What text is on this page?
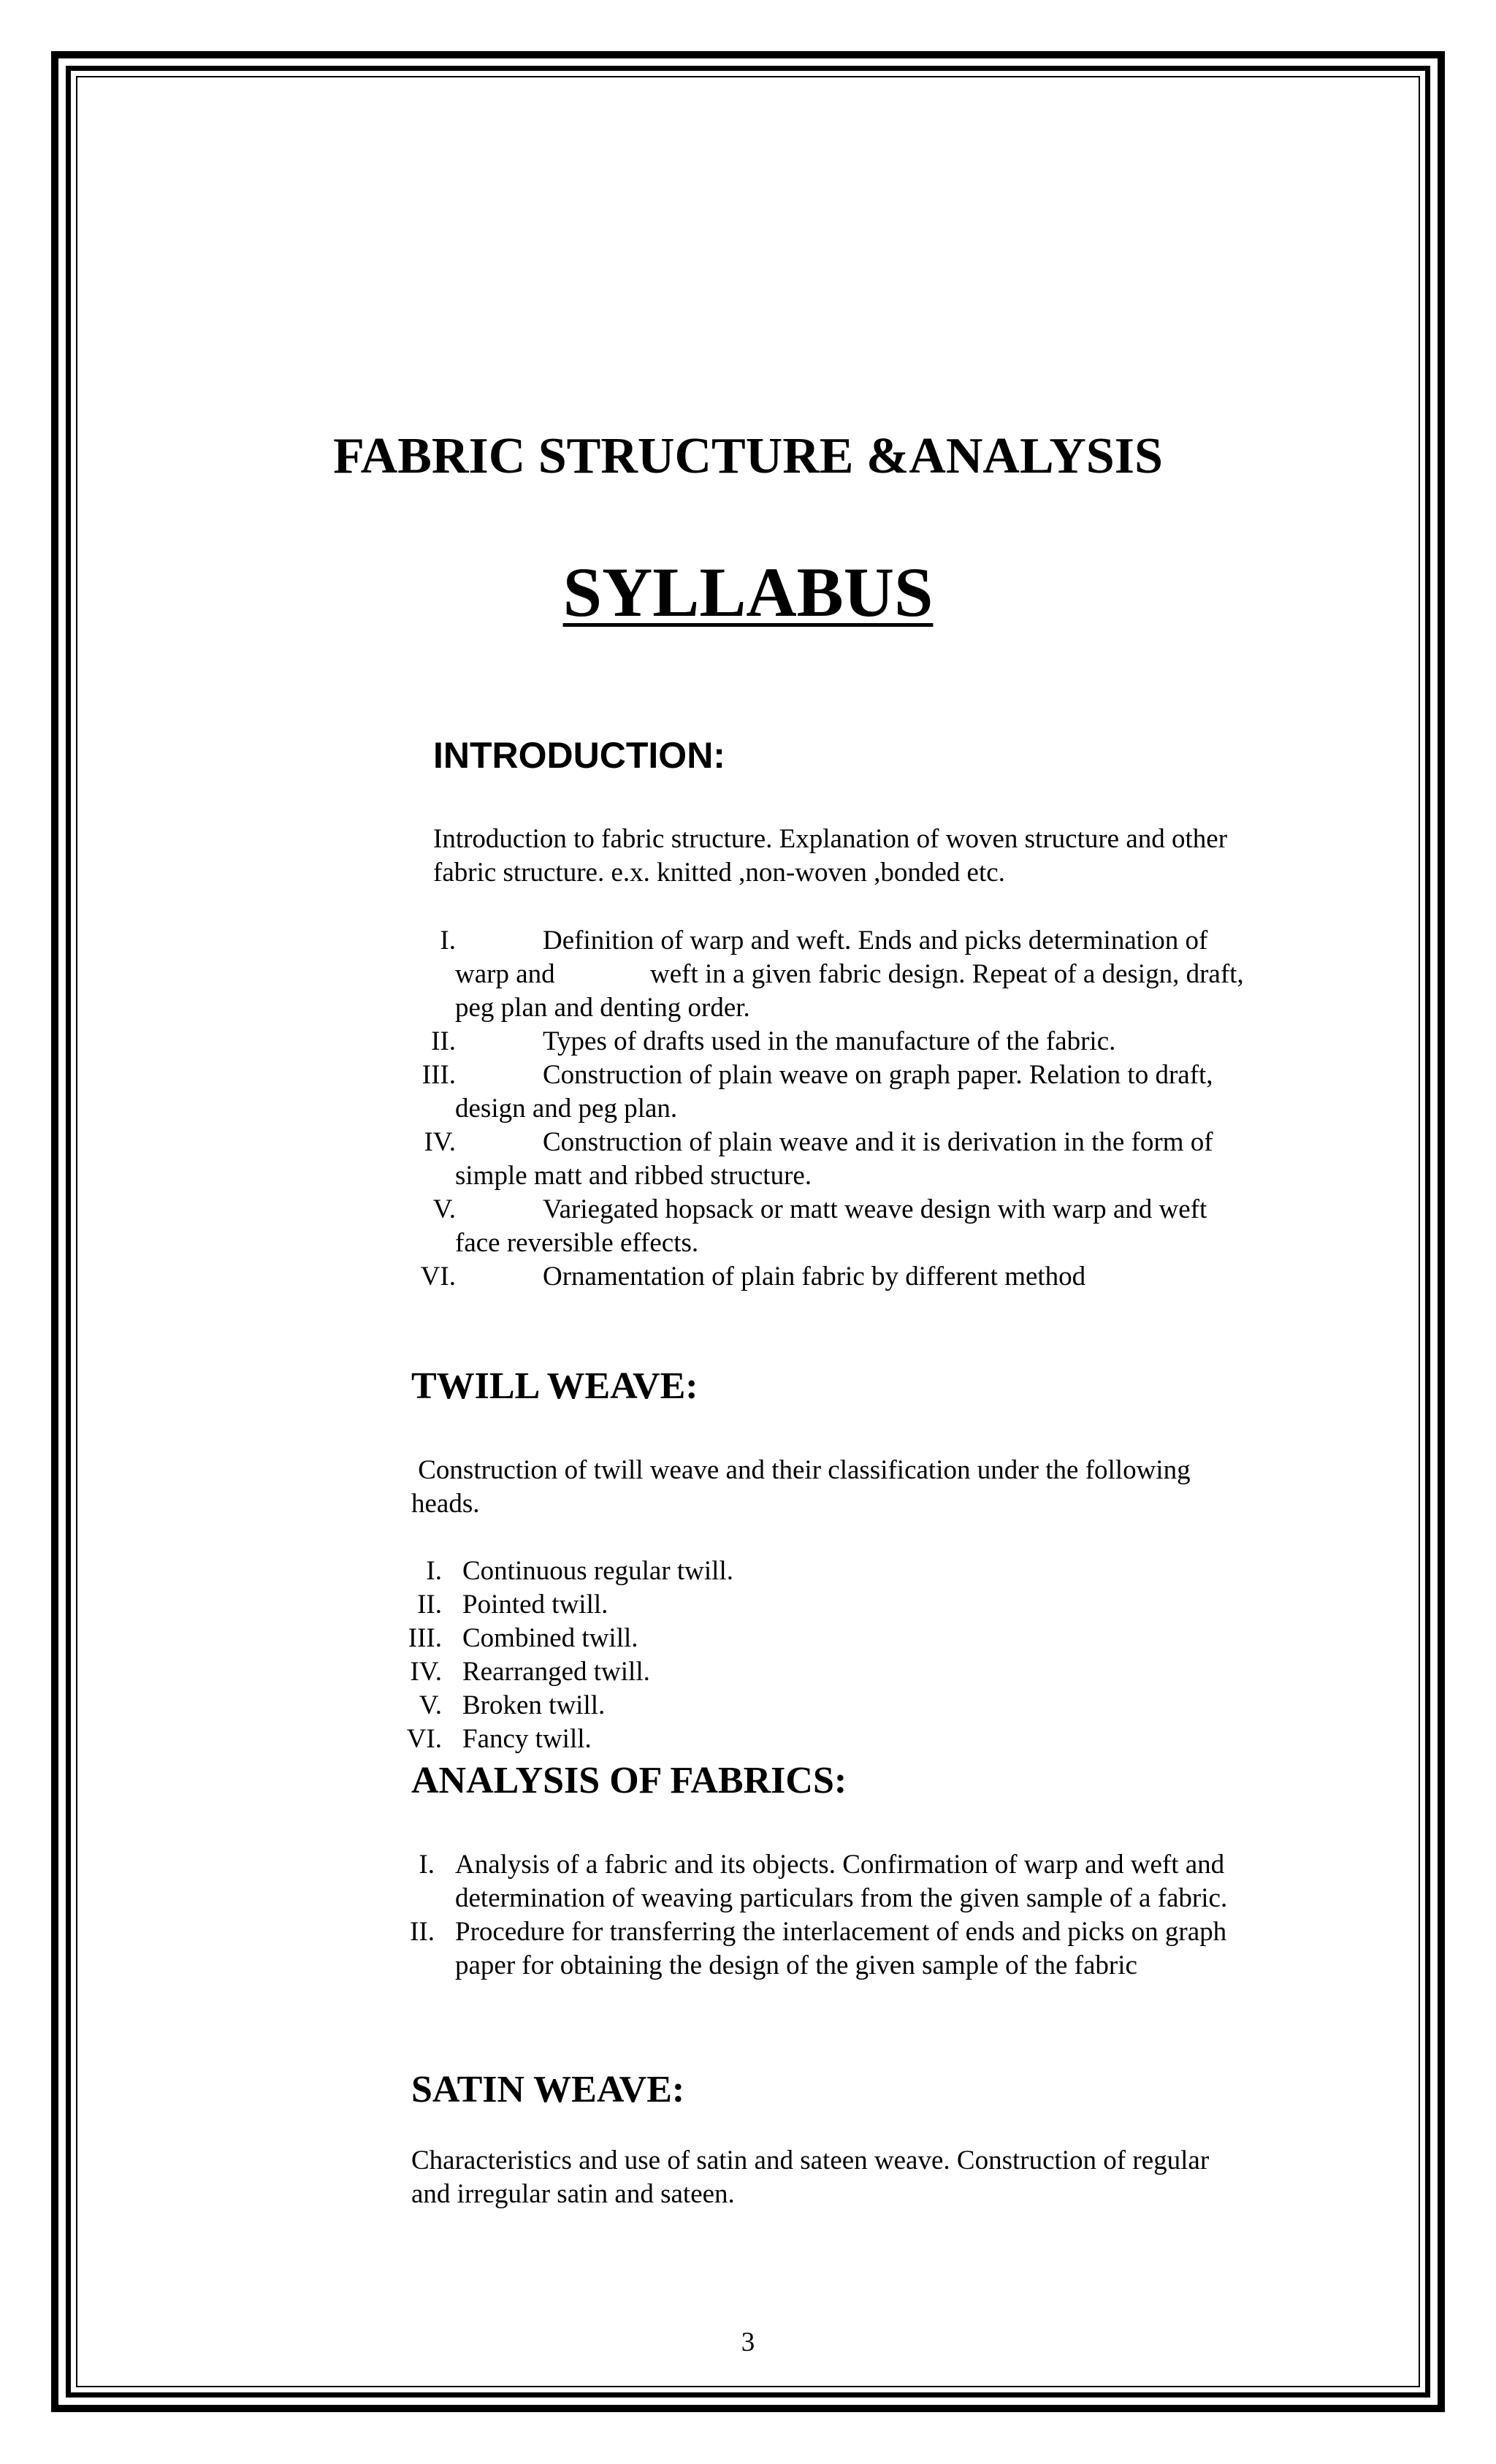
FABRIC STRUCTURE &ANALYSIS
SYLLABUS
INTRODUCTION:
Introduction to fabric structure. Explanation of woven structure and other
fabric structure. e.x. knitted ,non-woven ,bonded etc.
I.	Definition of warp and weft. Ends and picks determination of
warp and	weft in a given fabric design. Repeat of a design, draft,
peg plan and denting order.
II.	Types of drafts used in the manufacture of the fabric.
III.	Construction of plain weave on graph paper. Relation to draft,
design and peg plan.
IV.	Construction of plain weave and it is derivation in the form of
simple matt and ribbed structure.
V.	Variegated hopsack or matt weave design with warp and weft
face reversible effects.
VI.	Ornamentation of plain fabric by different method
TWILL WEAVE:
Construction of twill weave and their classification under the following
heads.
I. Continuous regular twill.
II. Pointed twill.
III. Combined twill.
IV. Rearranged twill.
V. Broken twill.
VI. Fancy twill.
ANALYSIS OF FABRICS:
I. Analysis of a fabric and its objects. Confirmation of warp and weft and
determination of weaving particulars from the given sample of a fabric.
II. Procedure for transferring the interlacement of ends and picks on graph
paper for obtaining the design of the given sample of the fabric
SATIN WEAVE:
Characteristics and use of satin and sateen weave. Construction of regular
and irregular satin and sateen.
3
